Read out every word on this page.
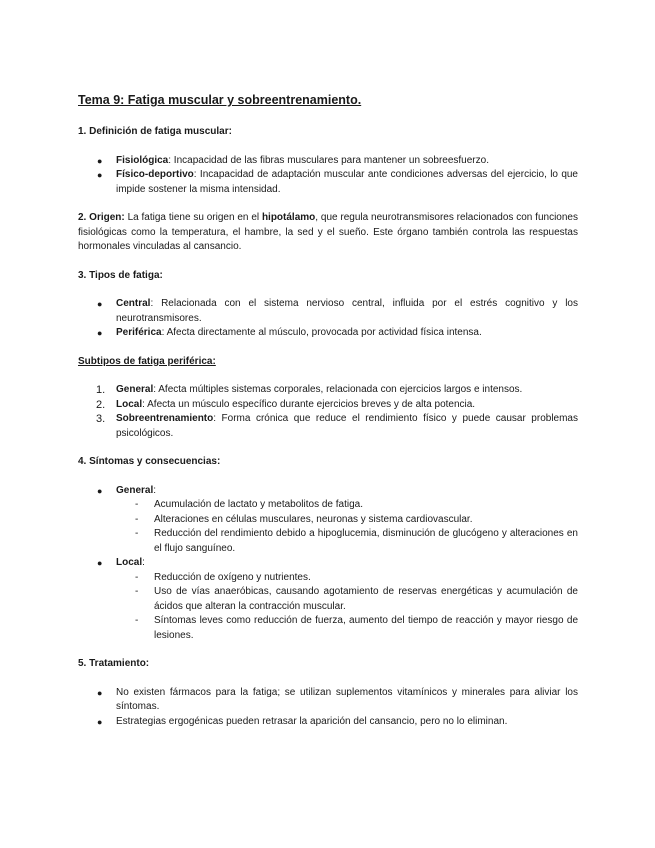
Tema 9: Fatiga muscular y sobreentrenamiento.

1. Definición de fatiga muscular:

● Fisiológica: Incapacidad de las fibras musculares para mantener un sobreesfuerzo.
● Físico-deportivo: Incapacidad de adaptación muscular ante condiciones adversas del ejercicio, lo que impide sostener la misma intensidad.

2. Origen: La fatiga tiene su origen en el hipotálamo, que regula neurotransmisores relacionados con funciones fisiológicas como la temperatura, el hambre, la sed y el sueño. Este órgano también controla las respuestas hormonales vinculadas al cansancio.

3. Tipos de fatiga:

● Central: Relacionada con el sistema nervioso central, influida por el estrés cognitivo y los neurotransmisores.
● Periférica: Afecta directamente al músculo, provocada por actividad física intensa.

Subtipos de fatiga periférica:

1. General: Afecta múltiples sistemas corporales, relacionada con ejercicios largos e intensos.
2. Local: Afecta un músculo específico durante ejercicios breves y de alta potencia.
3. Sobreentrenamiento: Forma crónica que reduce el rendimiento físico y puede causar problemas psicológicos.

4. Síntomas y consecuencias:

● General:
- Acumulación de lactato y metabolitos de fatiga.
- Alteraciones en células musculares, neuronas y sistema cardiovascular.
- Reducción del rendimiento debido a hipoglucemia, disminución de glucógeno y alteraciones en el flujo sanguíneo.
● Local:
- Reducción de oxígeno y nutrientes.
- Uso de vías anaeróbicas, causando agotamiento de reservas energéticas y acumulación de ácidos que alteran la contracción muscular.
- Síntomas leves como reducción de fuerza, aumento del tiempo de reacción y mayor riesgo de lesiones.

5. Tratamiento:

● No existen fármacos para la fatiga; se utilizan suplementos vitamínicos y minerales para aliviar los síntomas.
● Estrategias ergogénicas pueden retrasar la aparición del cansancio, pero no lo eliminan.
